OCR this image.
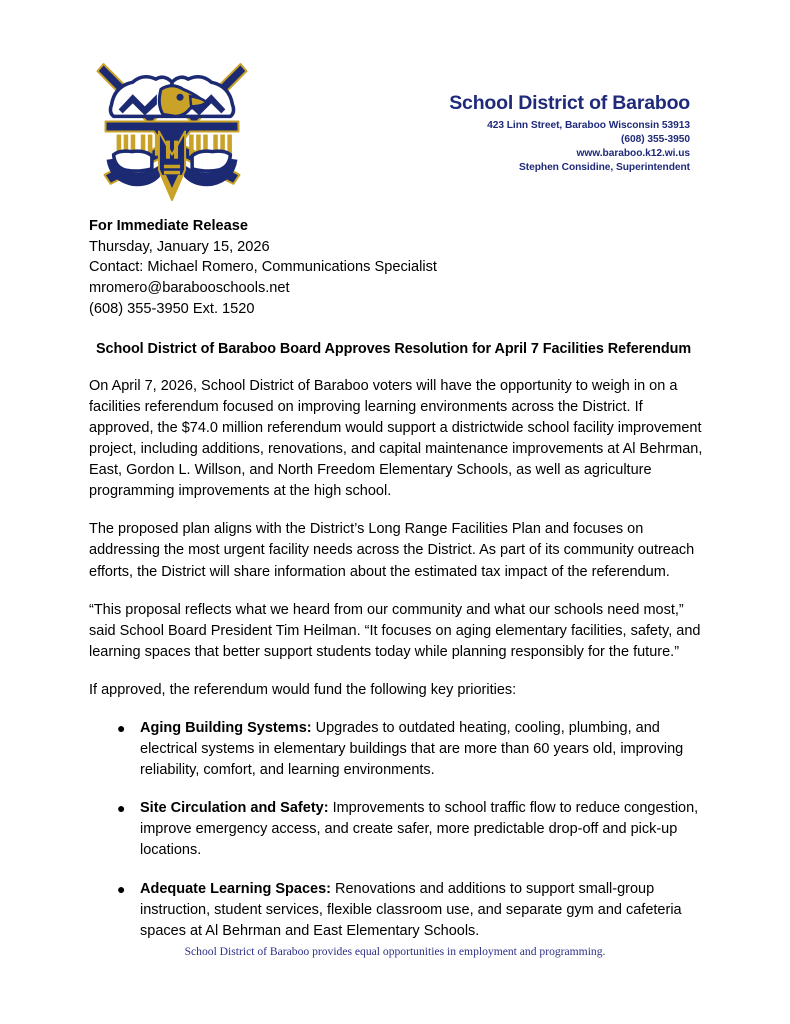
School District of Baraboo
423 Linn Street, Baraboo Wisconsin 53913
(608) 355-3950
www.baraboo.k12.wi.us
Stephen Considine, Superintendent
For Immediate Release
Thursday, January 15, 2026
Contact: Michael Romero, Communications Specialist
mromero@barabooschools.net
(608) 355-3950 Ext. 1520
School District of Baraboo Board Approves Resolution for April 7 Facilities Referendum

On April 7, 2026, School District of Baraboo voters will have the opportunity to weigh in on a facilities referendum focused on improving learning environments across the District. If approved, the $74.0 million referendum would support a districtwide school facility improvement project, including additions, renovations, and capital maintenance improvements at Al Behrman, East, Gordon L. Willson, and North Freedom Elementary Schools, as well as agriculture programming improvements at the high school.

The proposed plan aligns with the District’s Long Range Facilities Plan and focuses on addressing the most urgent facility needs across the District. As part of its community outreach efforts, the District will share information about the estimated tax impact of the referendum.

“This proposal reflects what we heard from our community and what our schools need most,” said School Board President Tim Heilman. “It focuses on aging elementary facilities, safety, and learning spaces that better support students today while planning responsibly for the future.”

If approved, the referendum would fund the following key priorities:

● Aging Building Systems: Upgrades to outdated heating, cooling, plumbing, and electrical systems in elementary buildings that are more than 60 years old, improving reliability, comfort, and learning environments.
● Site Circulation and Safety: Improvements to school traffic flow to reduce congestion, improve emergency access, and create safer, more predictable drop-off and pick-up locations.
● Adequate Learning Spaces: Renovations and additions to support small-group instruction, student services, flexible classroom use, and separate gym and cafeteria spaces at Al Behrman and East Elementary Schools.
School District of Baraboo provides equal opportunities in employment and programming.
